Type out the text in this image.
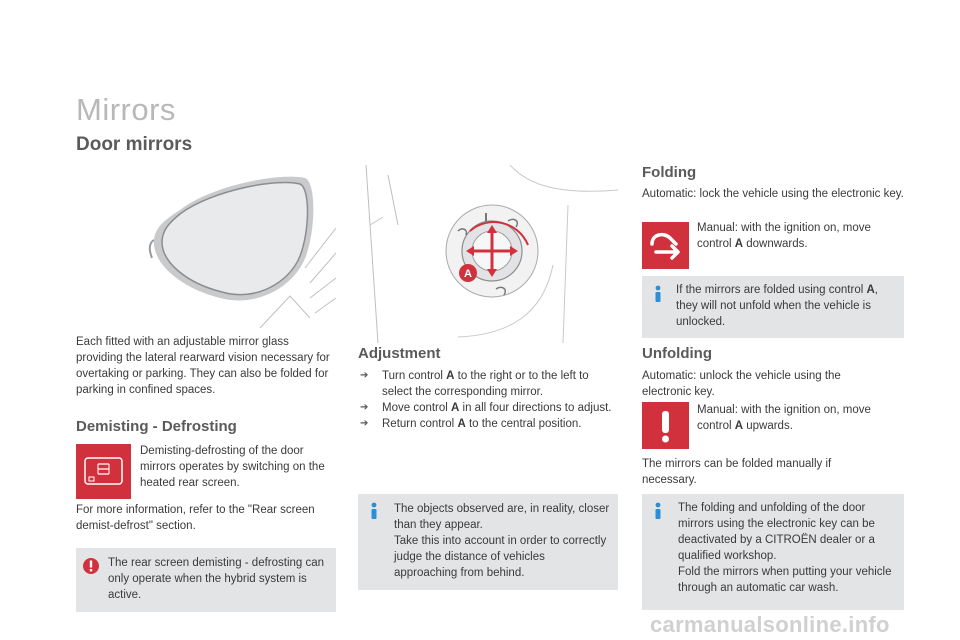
Mirrors
Door mirrors
Each fitted with an adjustable mirror glass providing the lateral rearward vision necessary for overtaking or parking. They can also be folded for parking in confined spaces.
Demisting - Defrosting
Demisting-defrosting of the door mirrors operates by switching on the heated rear screen.
For more information, refer to the "Rear screen demist-defrost" section.
The rear screen demisting - defrosting can only operate when the hybrid system is active.
A
Adjustment
➔ Turn control A to the right or to the left to select the corresponding mirror.
➔ Move control A in all four directions to adjust.
➔ Return control A to the central position.
The objects observed are, in reality, closer than they appear.
Take this into account in order to correctly judge the distance of vehicles approaching from behind.
Folding
Automatic: lock the vehicle using the electronic key.
Manual: with the ignition on, move control A downwards.
If the mirrors are folded using control A, they will not unfold when the vehicle is unlocked.
Unfolding
Automatic: unlock the vehicle using the electronic key.
Manual: with the ignition on, move control A upwards.
The mirrors can be folded manually if necessary.
The folding and unfolding of the door mirrors using the electronic key can be deactivated by a CITROËN dealer or a qualified workshop.
Fold the mirrors when putting your vehicle through an automatic car wash.
carmanualsonline.info
